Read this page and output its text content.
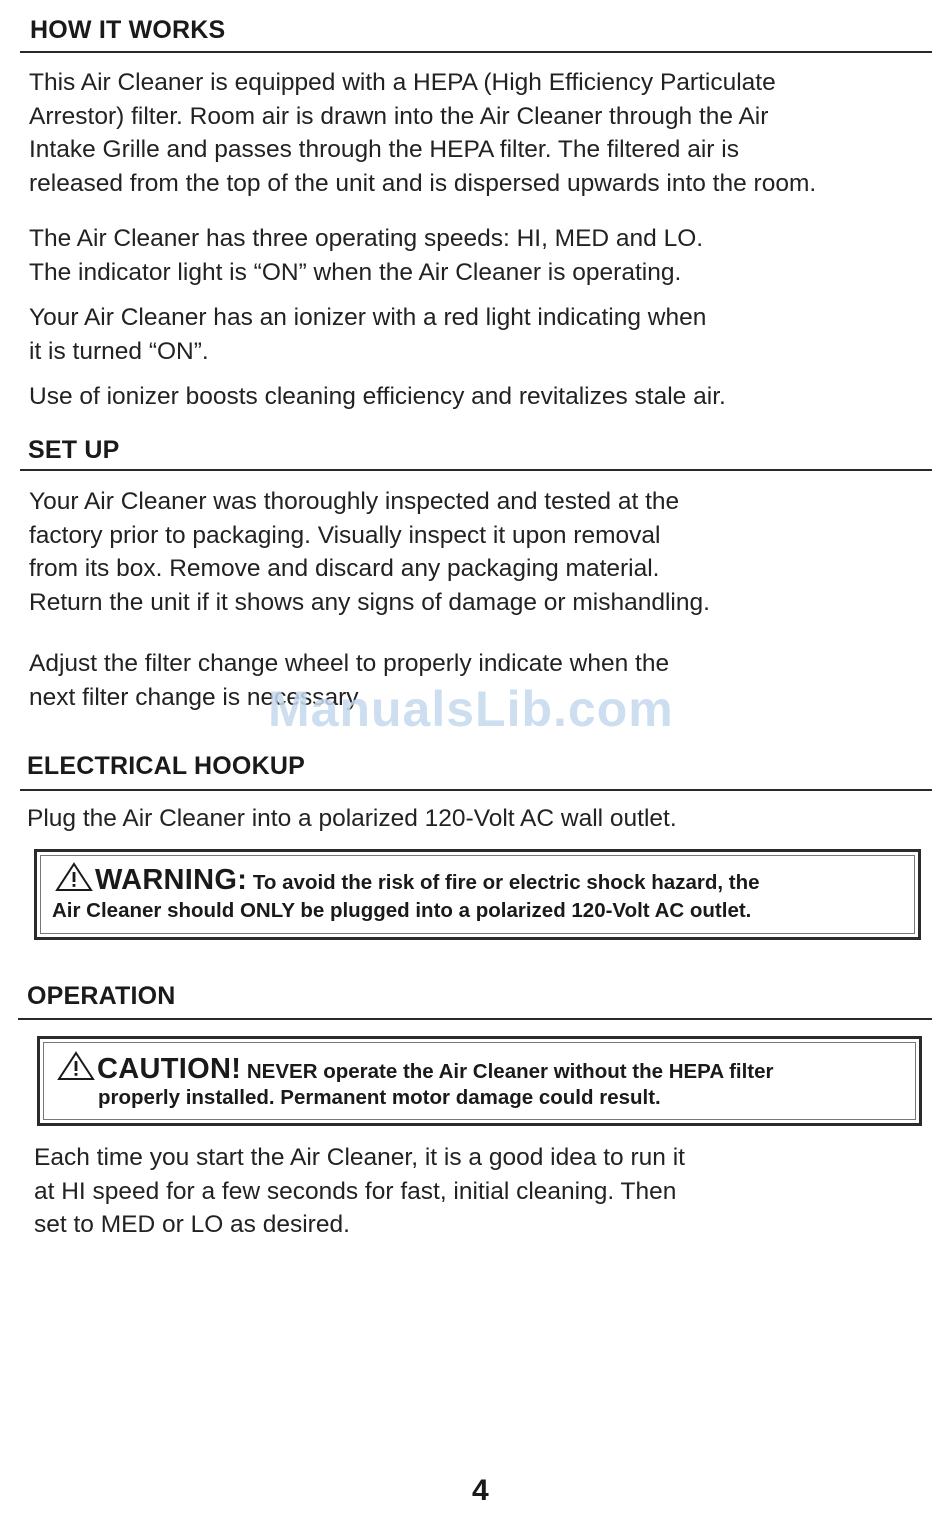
HOW IT WORKS

This Air Cleaner is equipped with a HEPA (High Efficiency Particulate
Arrestor) filter. Room air is drawn into the Air Cleaner through the Air
Intake Grille and passes through the HEPA filter. The filtered air is
released from the top of the unit and is dispersed upwards into the room.

The Air Cleaner has three operating speeds: HI, MED and LO.
The indicator light is “ON” when the Air Cleaner is operating.

Your Air Cleaner has an ionizer with a red light indicating when
it is turned “ON”.

Use of ionizer boosts cleaning efficiency and revitalizes stale air.

SET UP

Your Air Cleaner was thoroughly inspected and tested at the
factory prior to packaging. Visually inspect it upon removal
from its box. Remove and discard any packaging material.
Return the unit if it shows any signs of damage or mishandling.

Adjust the filter change wheel to properly indicate when the
next filter change is necessary

ManualsLib.com
ELECTRICAL HOOKUP

Plug the Air Cleaner into a polarized 120-Volt AC wall outlet.

WARNING: To avoid the risk of fire or electric shock hazard, the

Air Cleaner should ONLY be plugged into a polarized 120-Volt AC outlet.

OPERATION

CAUTION! NEVER operate the Air Cleaner without the HEPA filter

properly installed. Permanent motor damage could result.

Each time you start the Air Cleaner, it is a good idea to run it
at HI speed for a few seconds for fast, initial cleaning. Then
set to MED or LO as desired.

4
